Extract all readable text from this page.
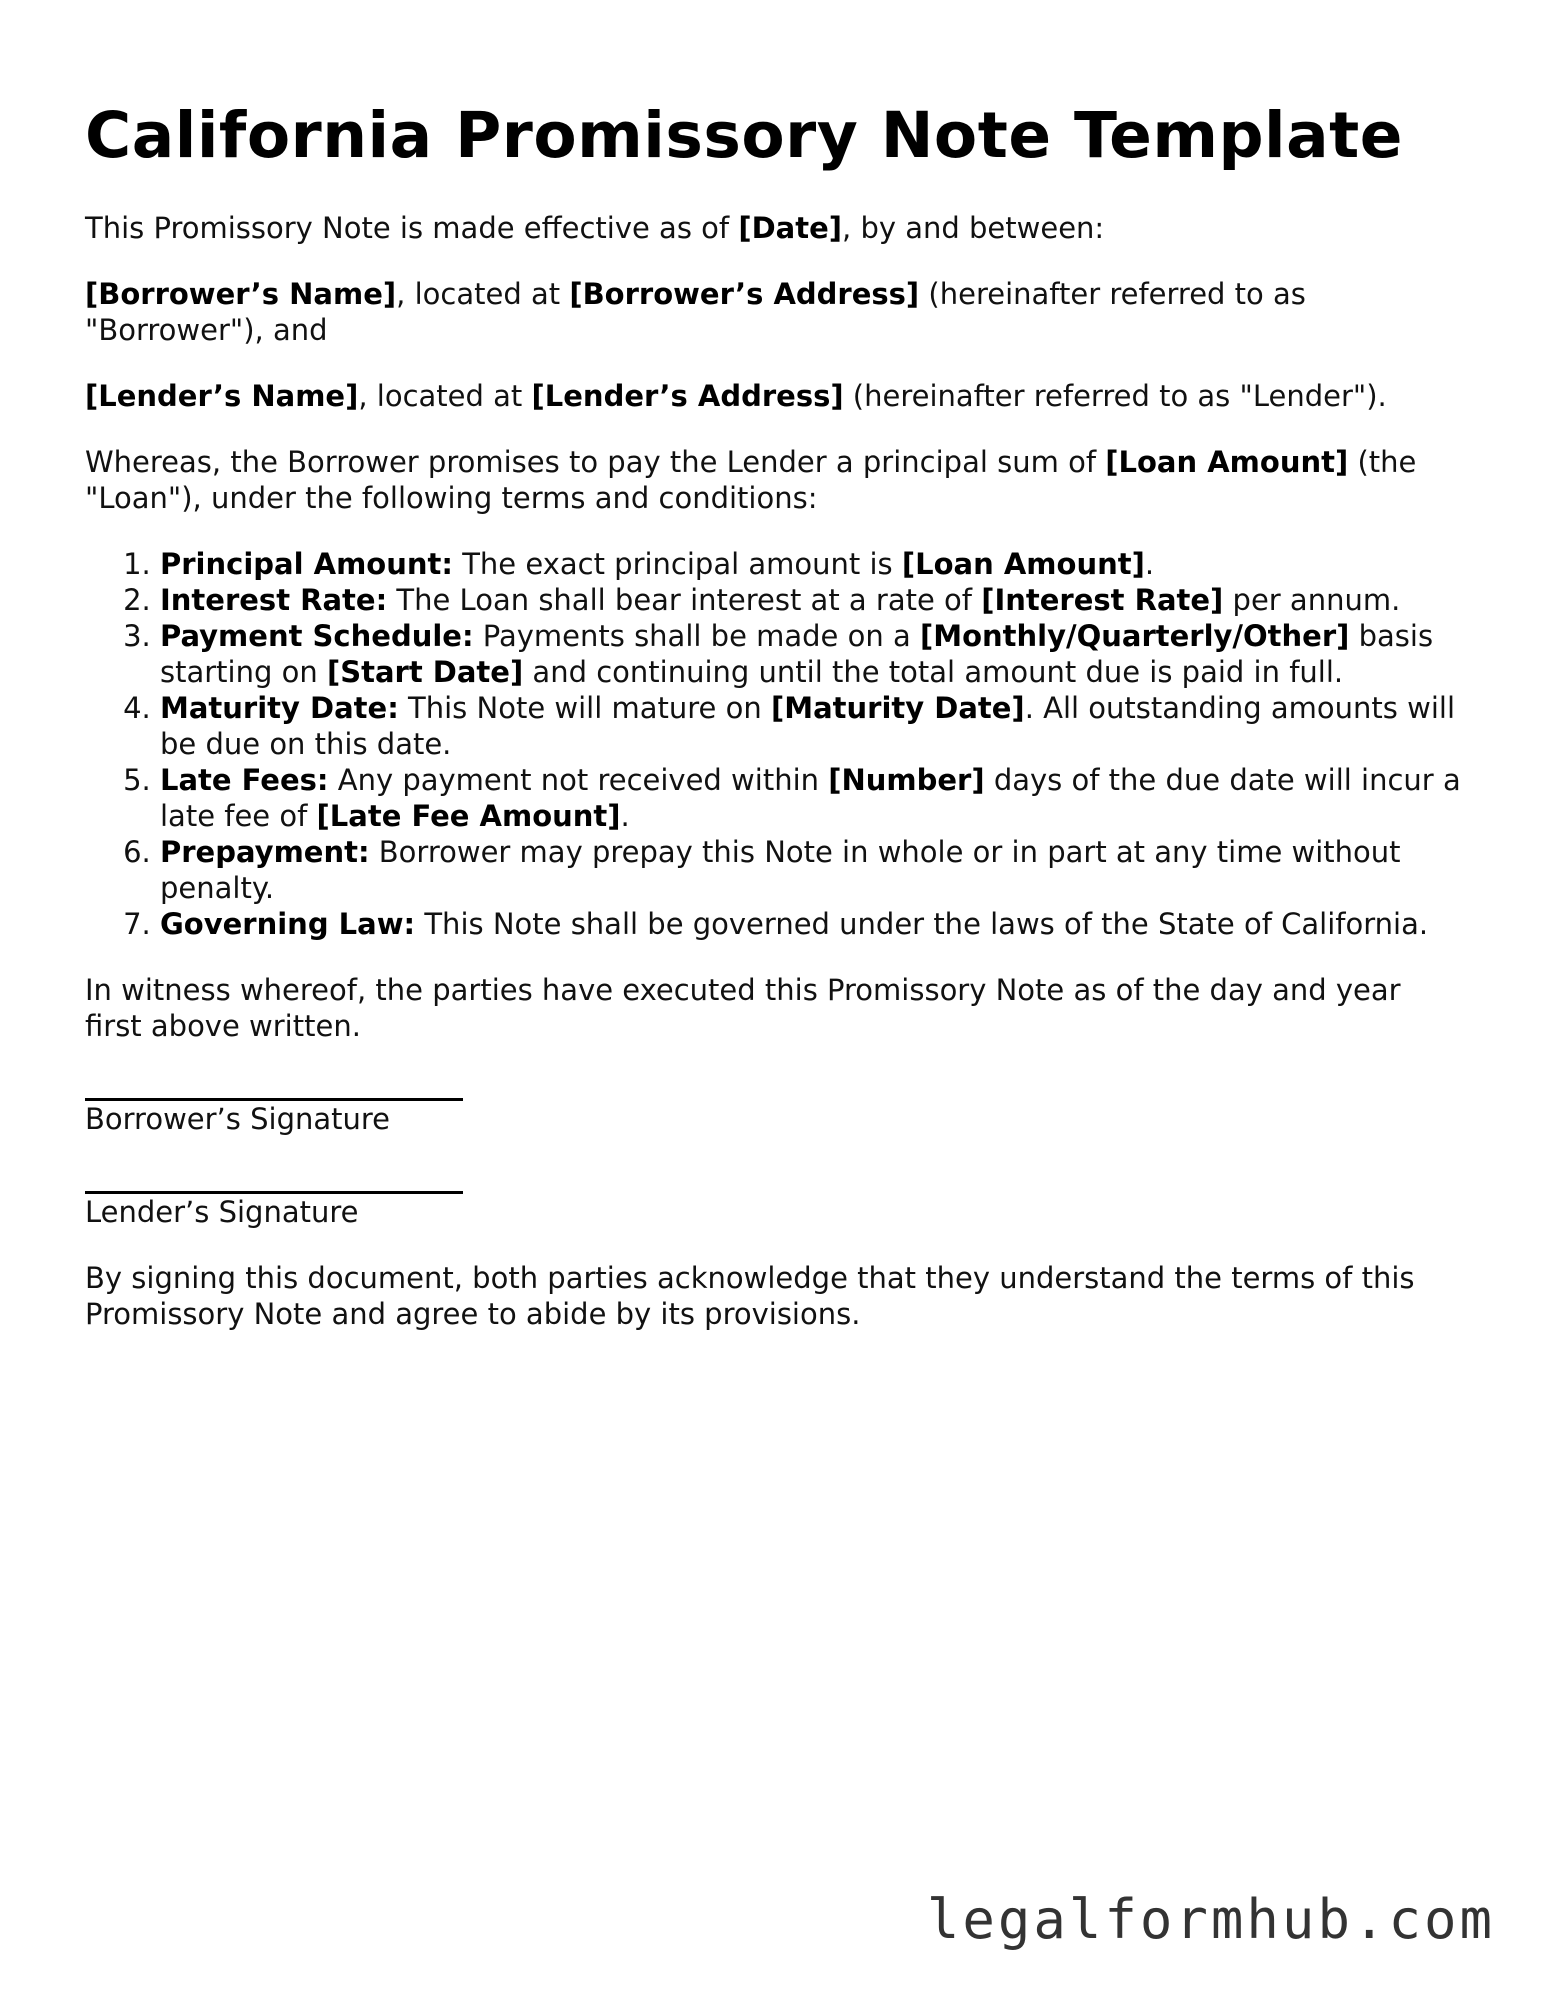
California Promissory Note Template

This Promissory Note is made effective as of [Date], by and between:

[Borrower’s Name], located at [Borrower’s Address] (hereinafter referred to as "Borrower"), and

[Lender’s Name], located at [Lender’s Address] (hereinafter referred to as "Lender").

Whereas, the Borrower promises to pay the Lender a principal sum of [Loan Amount] (the "Loan"), under the following terms and conditions:

1. Principal Amount: The exact principal amount is [Loan Amount].
2. Interest Rate: The Loan shall bear interest at a rate of [Interest Rate] per annum.
3. Payment Schedule: Payments shall be made on a [Monthly/Quarterly/Other] basis starting on [Start Date] and continuing until the total amount due is paid in full.
4. Maturity Date: This Note will mature on [Maturity Date]. All outstanding amounts will be due on this date.
5. Late Fees: Any payment not received within [Number] days of the due date will incur a late fee of [Late Fee Amount].
6. Prepayment: Borrower may prepay this Note in whole or in part at any time without penalty.
7. Governing Law: This Note shall be governed under the laws of the State of California.

In witness whereof, the parties have executed this Promissory Note as of the day and year first above written.

Borrower’s Signature
Lender’s Signature

By signing this document, both parties acknowledge that they understand the terms of this Promissory Note and agree to abide by its provisions.

legalformhub.com
